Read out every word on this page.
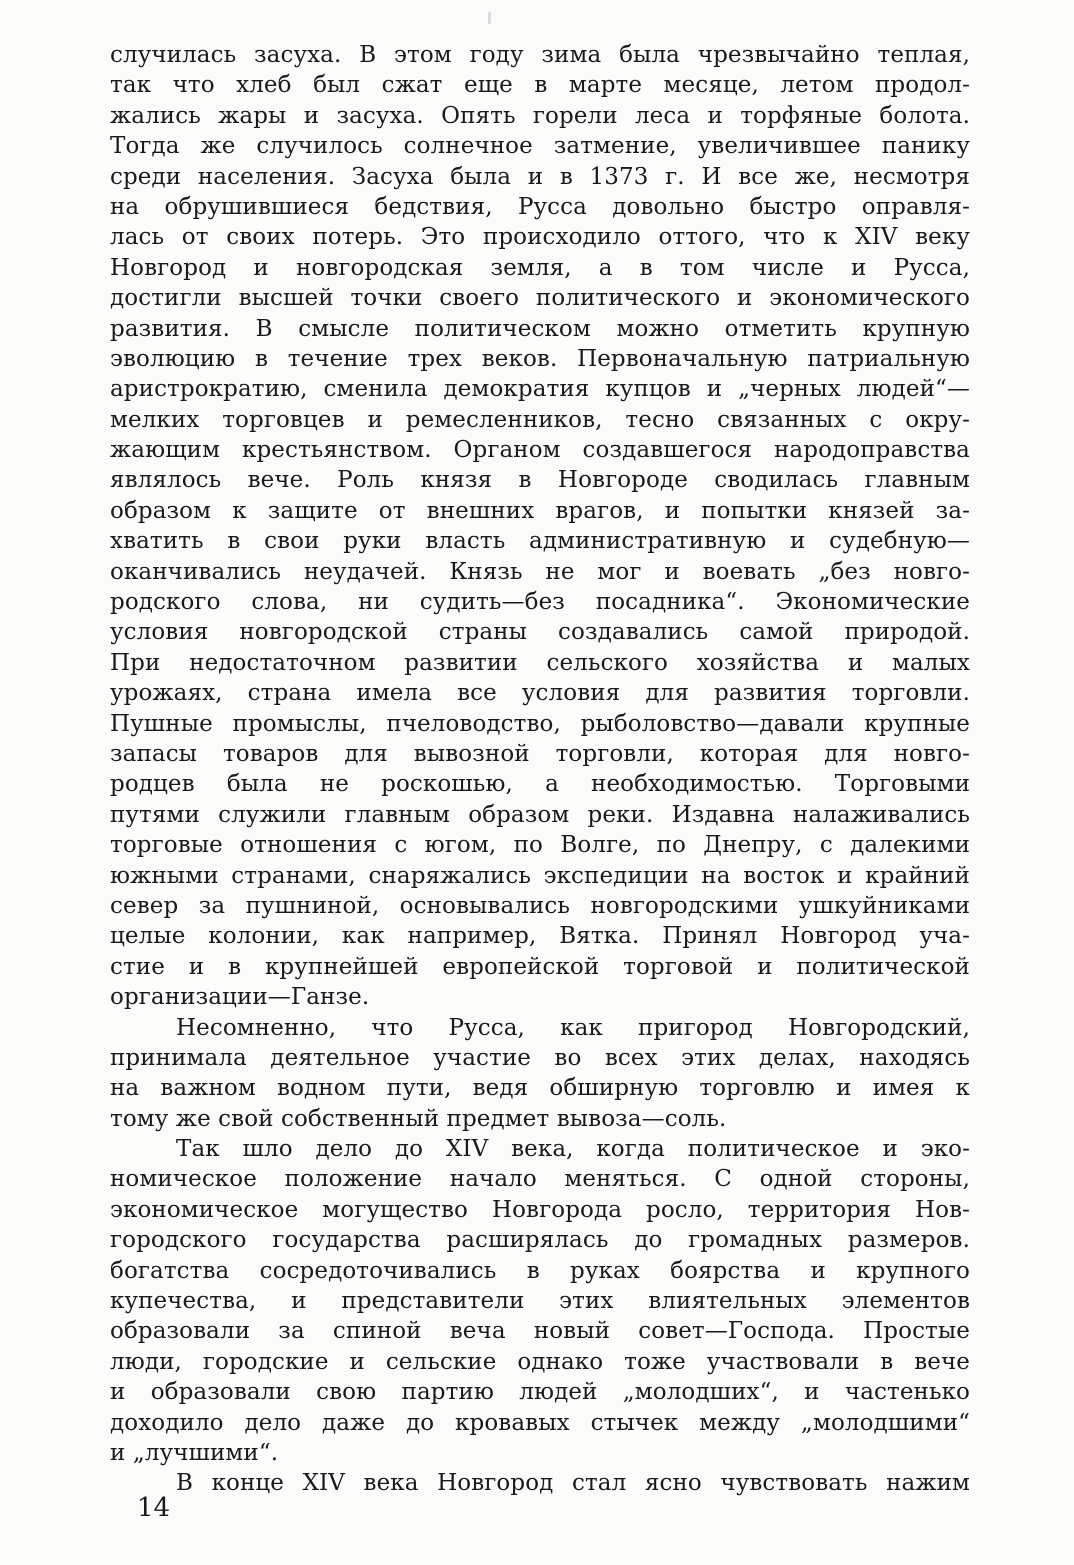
случилась засуха. В этом году зима была чрезвычайно теплая,
так что хлеб был сжат еще в марте месяце, летом продол-
жались жары и засуха. Опять горели леса и торфяные болота.
Тогда же случилось солнечное затмение, увеличившее панику
среди населения. Засуха была и в 1373 г. И все же, несмотря
на обрушившиеся бедствия, Русса довольно быстро оправля-
лась от своих потерь. Это происходило оттого, что к XIV веку
Новгород и новгородская земля, а в том числе и Русса,
достигли высшей точки своего политического и экономического
развития. В смысле политическом можно отметить крупную
эволюцию в течение трех веков. Первоначальную патриальную
аристрократию, сменила демократия купцов и „черных людей“—
мелких торговцев и ремесленников, тесно связанных с окру-
жающим крестьянством. Органом создавшегося народоправства
являлось вече. Роль князя в Новгороде сводилась главным
образом к защите от внешних врагов, и попытки князей за-
хватить в свои руки власть административную и судебную—
оканчивались неудачей. Князь не мог и воевать „без новго-
родского слова, ни судить—без посадника“. Экономические
условия новгородской страны создавались самой природой.
При недостаточном развитии сельского хозяйства и малых
урожаях, страна имела все условия для развития торговли.
Пушные промыслы, пчеловодство, рыболовство—давали крупные
запасы товаров для вывозной торговли, которая для новго-
родцев была не роскошью, а необходимостью. Торговыми
путями служили главным образом реки. Издавна налаживались
торговые отношения с югом, по Волге, по Днепру, с далекими
южными странами, снаряжались экспедиции на восток и крайний
север за пушниной, основывались новгородскими ушкуйниками
целые колонии, как например, Вятка. Принял Новгород уча-
стие и в крупнейшей европейской торговой и политической
организации—Ганзе.
Несомненно, что Русса, как пригород Новгородский,
принимала деятельное участие во всех этих делах, находясь
на важном водном пути, ведя обширную торговлю и имея к
тому же свой собственный предмет вывоза—соль.
Так шло дело до XIV века, когда политическое и эко-
номическое положение начало меняться. С одной стороны,
экономическое могущество Новгорода росло, территория Нов-
городского государства расширялась до громадных размеров.
богатства сосредоточивались в руках боярства и крупного
купечества, и представители этих влиятельных элементов
образовали за спиной веча новый совет—Господа. Простые
люди, городские и сельские однако тоже участвовали в вече
и образовали свою партию людей „молодших“, и частенько
доходило дело даже до кровавых стычек между „молодшими“
и „лучшими“.
В конце XIV века Новгород стал ясно чувствовать нажим
14
